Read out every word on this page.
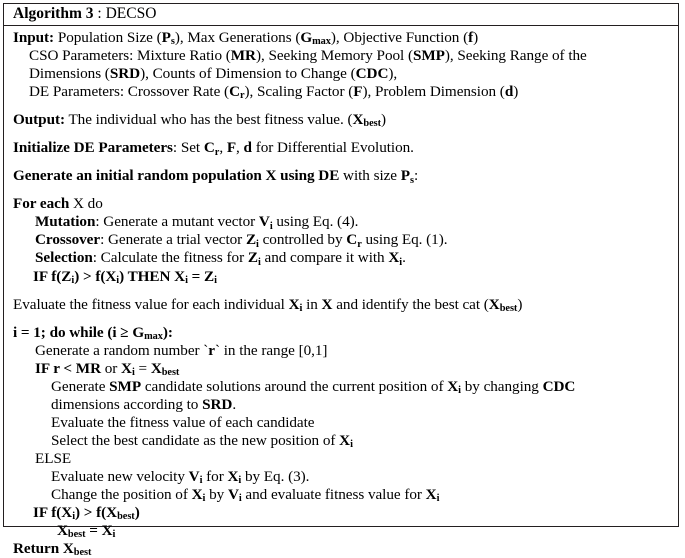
Algorithm 3 : DECSO
Input: Population Size $(P_s)$, Max Generations $(G_{max})$, Objective Function (f)
CSO Parameters: Mixture Ratio (MR), Seeking Memory Pool (SMP), Seeking Range of the
Dimensions (SRD), Counts of Dimension to Change (CDC),
DE Parameters: Crossover Rate $(C_r)$, Scaling Factor (F), Problem Dimension (d)
Output: The individual who has the best fitness value. $(X_{best})$
Initialize DE Parameters: Set $C_r$, F, d for Differential Evolution.
Generate an initial random population X using DE with size $P_s$:
For each X do
Mutation: Generate a mutant vector $V_i$ using Eq. (4).
Crossover: Generate a trial vector $Z_i$ controlled by $C_r$ using Eq. (1).
Selection: Calculate the fitness for $Z_i$ and compare it with $X_i$.
IF $f(Z_i) > f(X_i)$ THEN $X_i = Z_i$
Evaluate the fitness value for each individual $X_i$ in X and identify the best cat $(X_{best})$
i = 1; do while $(i \ge G_{max})$:
Generate a random number `r` in the range [0,1]
IF r < MR or $X_i = X_{best}$
Generate SMP candidate solutions around the current position of $X_i$ by changing CDC
dimensions according to SRD.
Evaluate the fitness value of each candidate
Select the best candidate as the new position of $X_i$
ELSE
Evaluate new velocity $V_i$ for $X_i$ by Eq. (3).
Change the position of $X_i$ by $V_i$ and evaluate fitness value for $X_i$
IF $f(X_i) > f(X_{best})$
$X_{best} = X_i$
Return $X_{best}$
